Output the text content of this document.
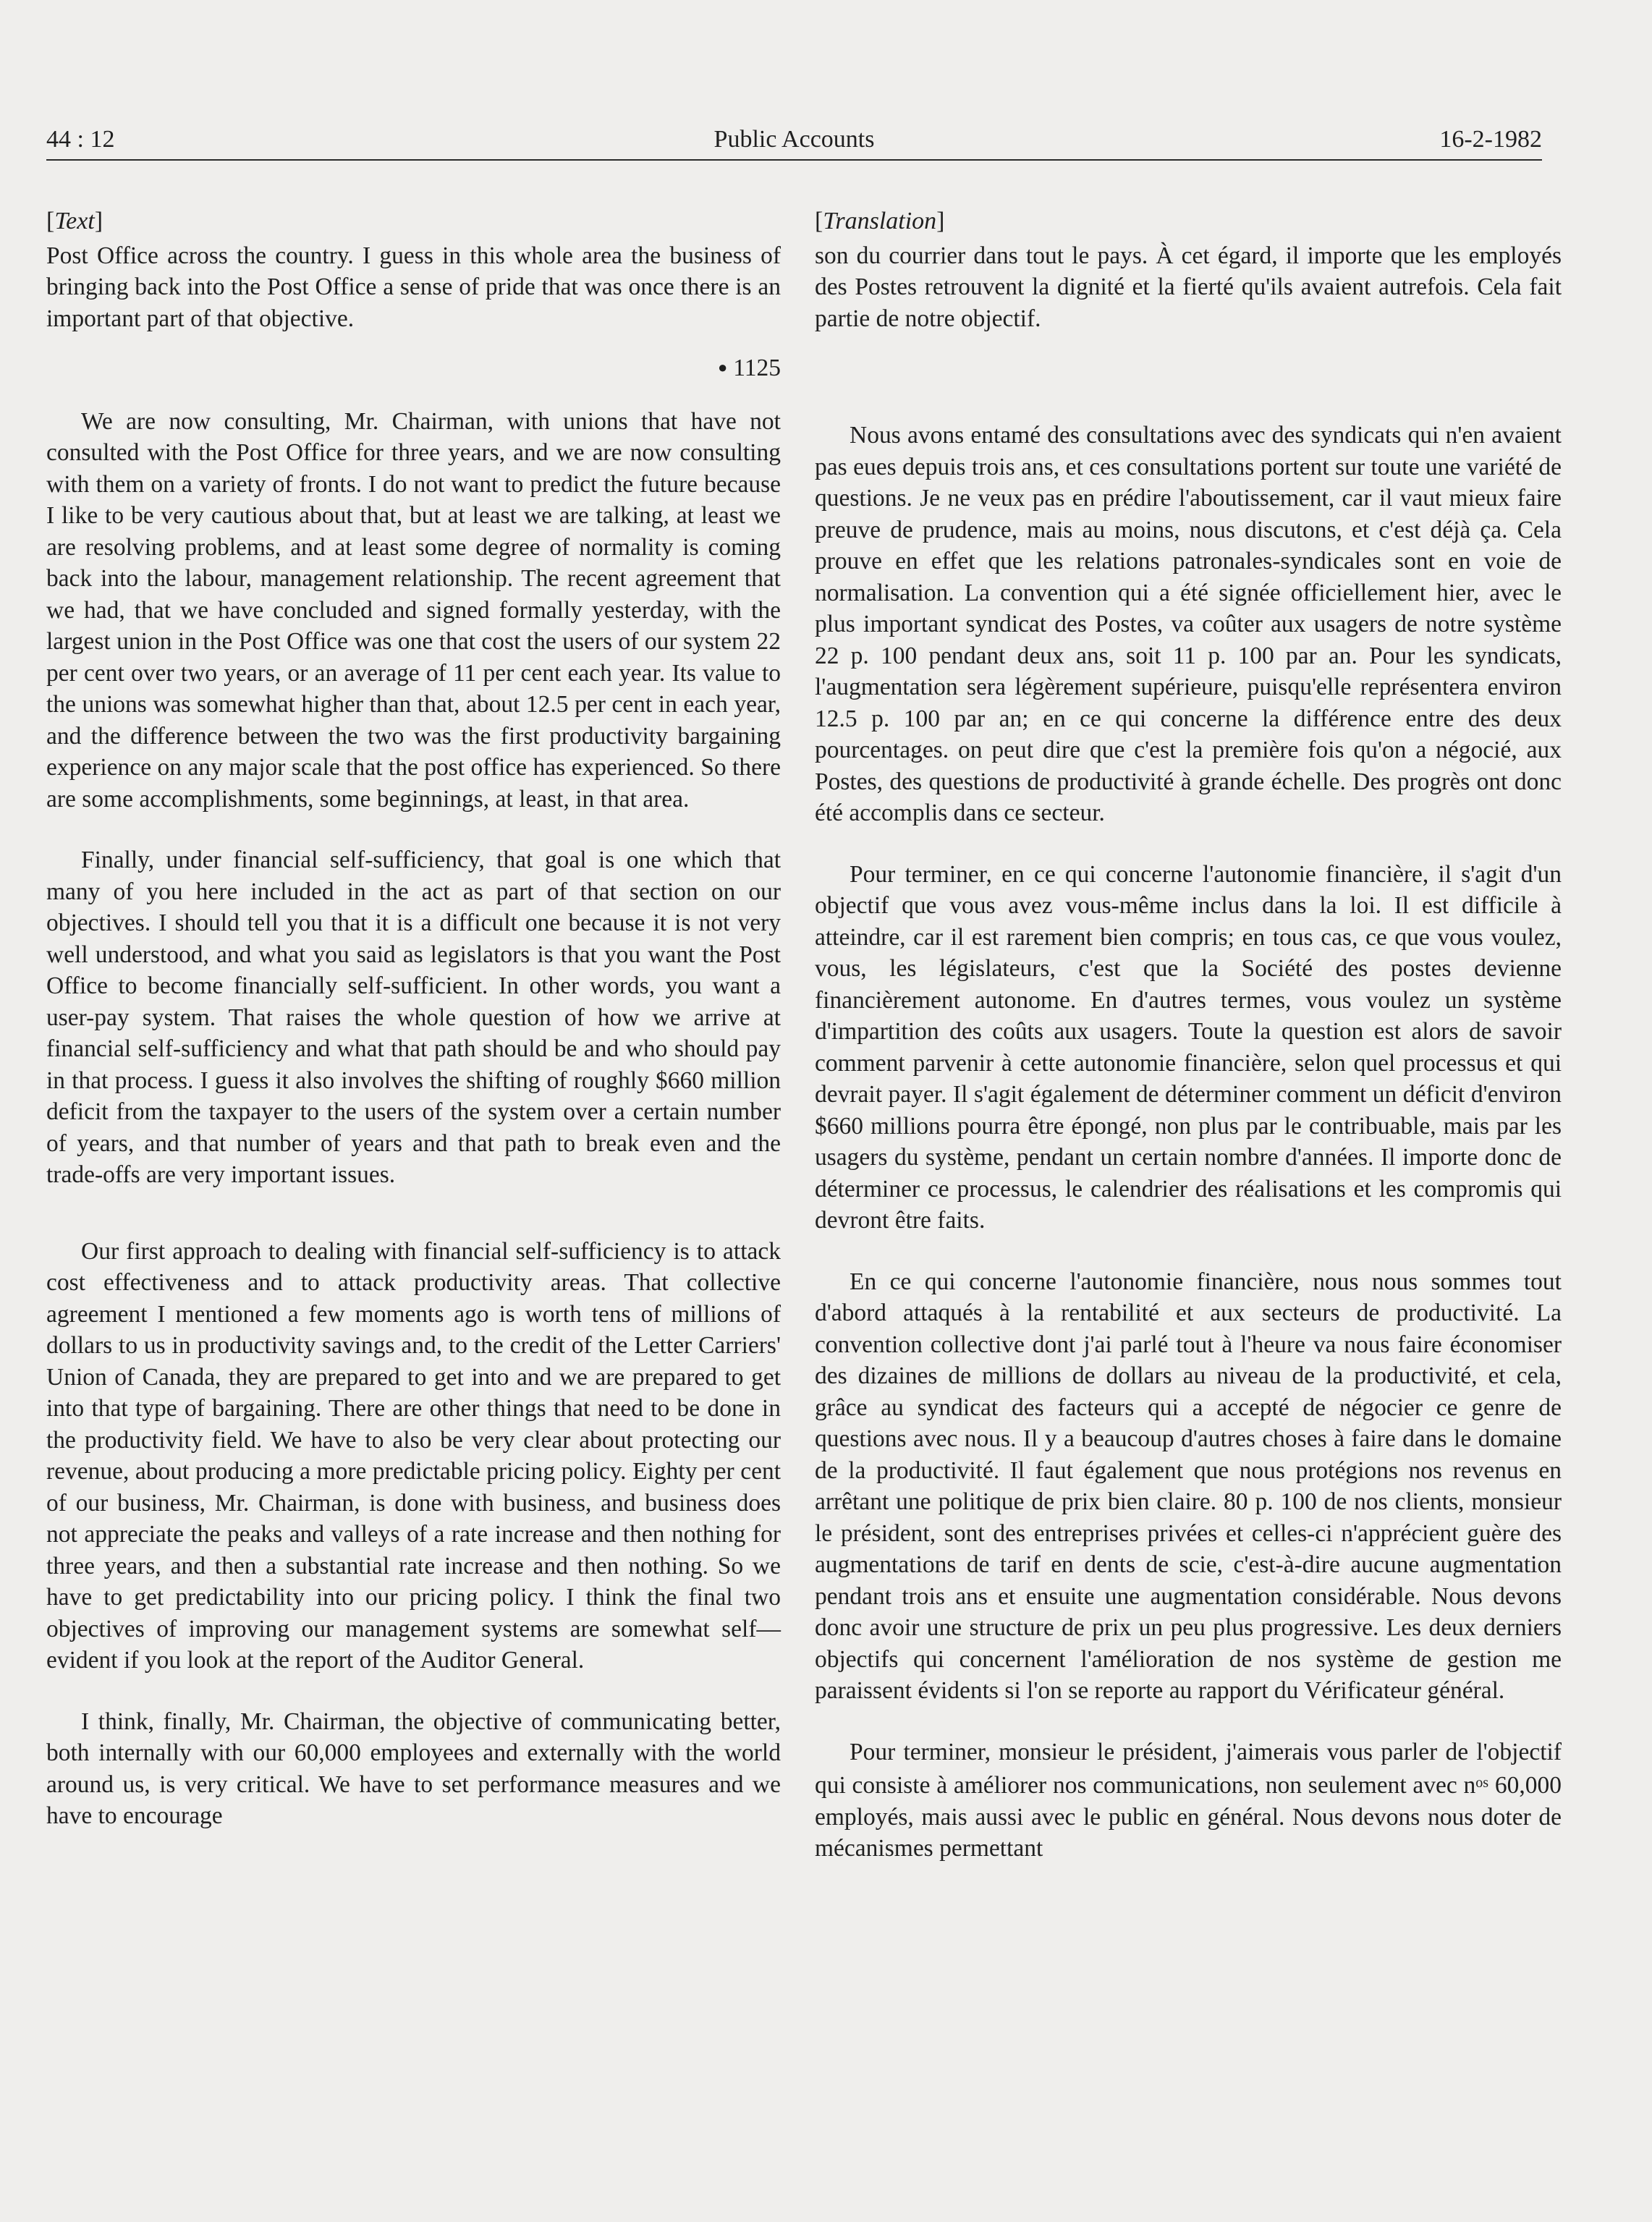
Public Accounts
44 : 12	16-2-1982
[Text]

Post Office across the country. I guess in this whole area the business of bringing back into the Post Office a sense of pride that was once there is an important part of that objective.

● 1125

We are now consulting, Mr. Chairman, with unions that have not consulted with the Post Office for three years, and we are now consulting with them on a variety of fronts. I do not want to predict the future because I like to be very cautious about that, but at least we are talking, at least we are resolving problems, and at least some degree of normality is coming back into the labour, management relationship. The recent agreement that we had, that we have concluded and signed formally yesterday, with the largest union in the Post Office was one that cost the users of our system 22 per cent over two years, or an average of 11 per cent each year. Its value to the unions was somewhat higher than that, about 12.5 per cent in each year, and the difference between the two was the first productivity bargaining experience on any major scale that the post office has experienced. So there are some accomplishments, some beginnings, at least, in that area.

Finally, under financial self-sufficiency, that goal is one which that many of you here included in the act as part of that section on our objectives. I should tell you that it is a difficult one because it is not very well understood, and what you said as legislators is that you want the Post Office to become financially self-sufficient. In other words, you want a user-pay system. That raises the whole question of how we arrive at financial self-sufficiency and what that path should be and who should pay in that process. I guess it also involves the shifting of roughly $660 million deficit from the taxpayer to the users of the system over a certain number of years, and that number of years and that path to break even and the trade-offs are very important issues.

Our first approach to dealing with financial self-sufficiency is to attack cost effectiveness and to attack productivity areas. That collective agreement I mentioned a few moments ago is worth tens of millions of dollars to us in productivity savings and, to the credit of the Letter Carriers' Union of Canada, they are prepared to get into and we are prepared to get into that type of bargaining. There are other things that need to be done in the productivity field. We have to also be very clear about protecting our revenue, about producing a more predictable pricing policy. Eighty per cent of our business, Mr. Chairman, is done with business, and business does not appreciate the peaks and valleys of a rate increase and then nothing for three years, and then a substantial rate increase and then nothing. So we have to get predictability into our pricing policy. I think the final two objectives of improving our management systems are somewhat self—evident if you look at the report of the Auditor General.

I think, finally, Mr. Chairman, the objective of communicating better, both internally with our 60,000 employees and externally with the world around us, is very critical. We have to set performance measures and we have to encourage

[Translation]

son du courrier dans tout le pays. À cet égard, il importe que les employés des Postes retrouvent la dignité et la fierté qu'ils avaient autrefois. Cela fait partie de notre objectif.

Nous avons entamé des consultations avec des syndicats qui n'en avaient pas eues depuis trois ans, et ces consultations portent sur toute une variété de questions. Je ne veux pas en prédire l'aboutissement, car il vaut mieux faire preuve de prudence, mais au moins, nous discutons, et c'est déjà ça. Cela prouve en effet que les relations patronales-syndicales sont en voie de normalisation. La convention qui a été signée officiellement hier, avec le plus important syndicat des Postes, va coûter aux usagers de notre système 22 p. 100 pendant deux ans, soit 11 p. 100 par an. Pour les syndicats, l'augmentation sera légèrement supérieure, puisqu'elle représentera environ 12.5 p. 100 par an; en ce qui concerne la différence entre des deux pourcentages. on peut dire que c'est la première fois qu'on a négocié, aux Postes, des questions de productivité à grande échelle. Des progrès ont donc été accomplis dans ce secteur.

Pour terminer, en ce qui concerne l'autonomie financière, il s'agit d'un objectif que vous avez vous-même inclus dans la loi. Il est difficile à atteindre, car il est rarement bien compris; en tous cas, ce que vous voulez, vous, les législateurs, c'est que la Société des postes devienne financièrement autonome. En d'autres termes, vous voulez un système d'impartition des coûts aux usagers. Toute la question est alors de savoir comment parvenir à cette autonomie financière, selon quel processus et qui devrait payer. Il s'agit également de déterminer comment un déficit d'environ $660 millions pourra être épongé, non plus par le contribuable, mais par les usagers du système, pendant un certain nombre d'années. Il importe donc de déterminer ce processus, le calendrier des réalisations et les compromis qui devront être faits.

En ce qui concerne l'autonomie financière, nous nous sommes tout d'abord attaqués à la rentabilité et aux secteurs de productivité. La convention collective dont j'ai parlé tout à l'heure va nous faire économiser des dizaines de millions de dollars au niveau de la productivité, et cela, grâce au syndicat des facteurs qui a accepté de négocier ce genre de questions avec nous. Il y a beaucoup d'autres choses à faire dans le domaine de la productivité. Il faut également que nous protégions nos revenus en arrêtant une politique de prix bien claire. 80 p. 100 de nos clients, monsieur le président, sont des entreprises privées et celles-ci n'apprécient guère des augmentations de tarif en dents de scie, c'est-à-dire aucune augmentation pendant trois ans et ensuite une augmentation considérable. Nous devons donc avoir une structure de prix un peu plus progressive. Les deux derniers objectifs qui concernent l'amélioration de nos système de gestion me paraissent évidents si l'on se reporte au rapport du Vérificateur général.

Pour terminer, monsieur le président, j'aimerais vous parler de l'objectif qui consiste à améliorer nos communications, non seulement avec $n^{os}$ 60,000 employés, mais aussi avec le public en général. Nous devons nous doter de mécanismes permettant
